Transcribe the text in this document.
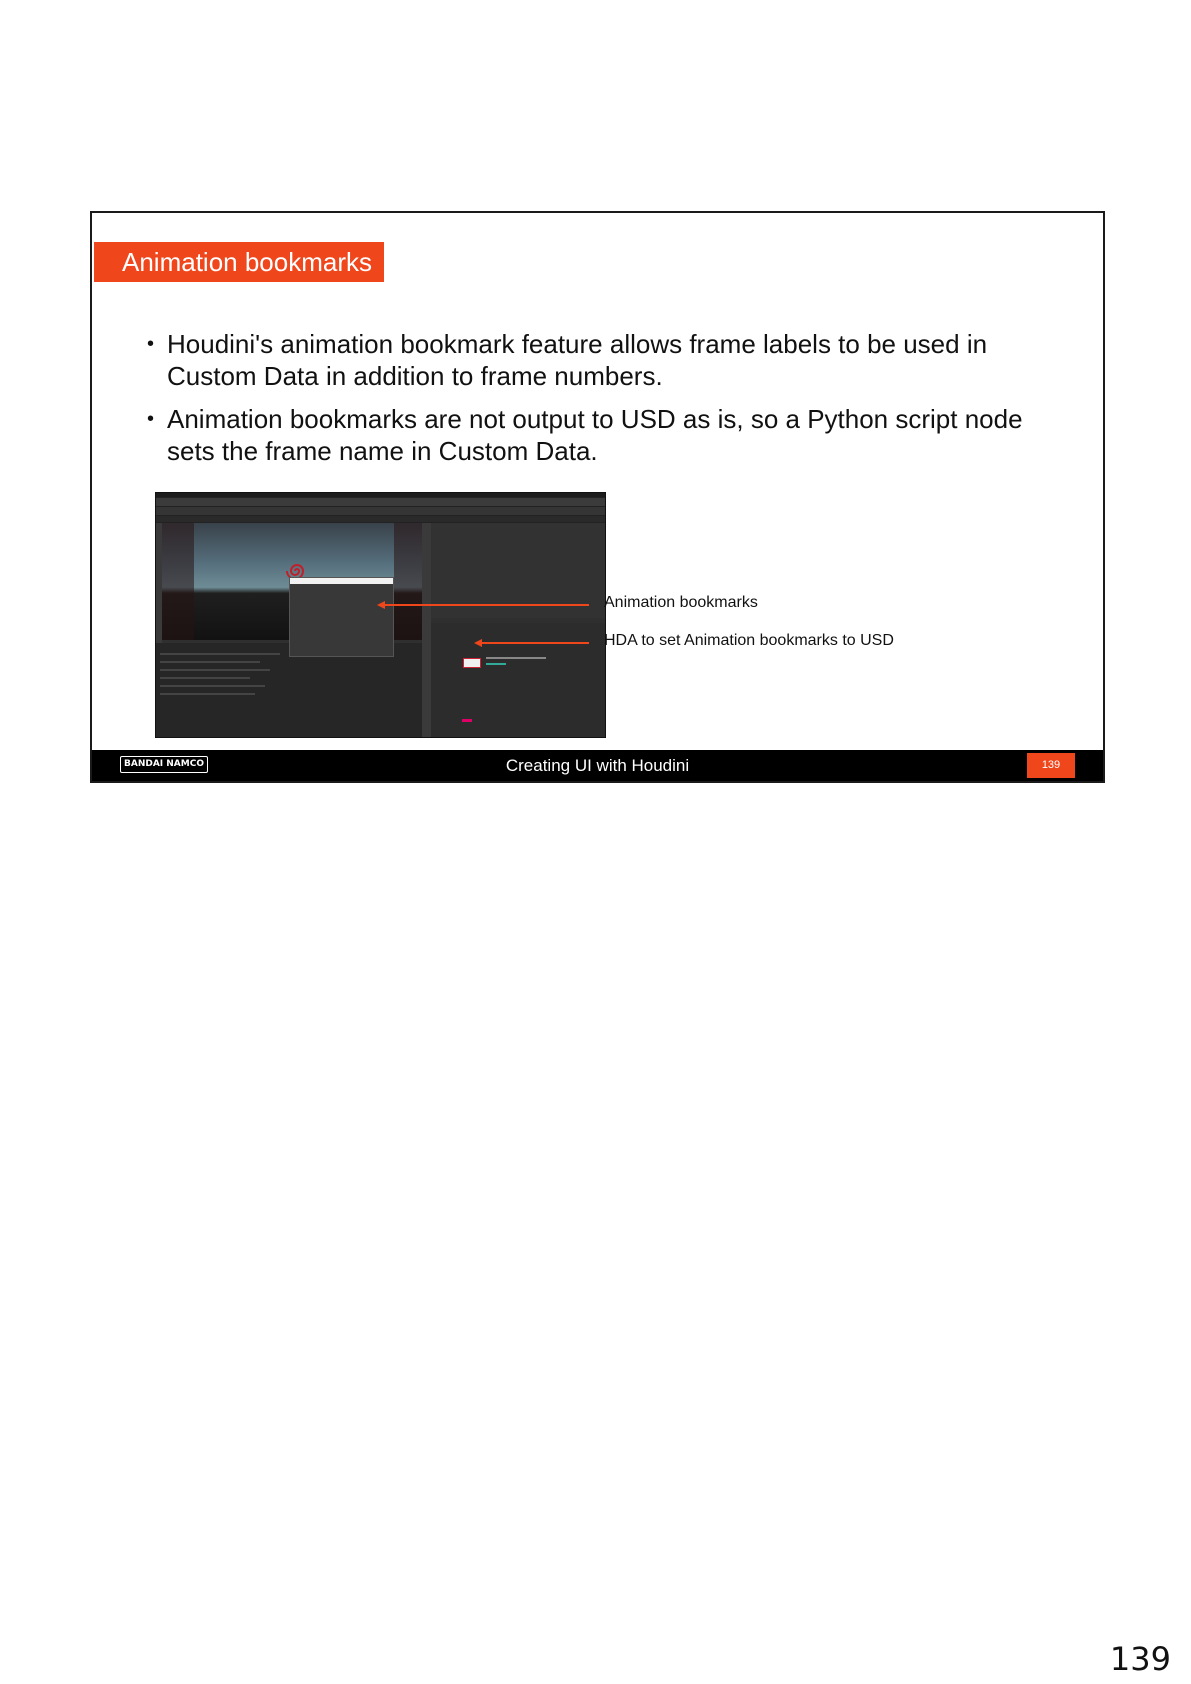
Animation bookmarks
• Houdini's animation bookmark feature allows frame labels to be used in Custom Data in addition to frame numbers.
• Animation bookmarks are not output to USD as is, so a Python script node sets the frame name in Custom Data.
Animation bookmarks
HDA to set Animation bookmarks to USD
BANDAI NAMCO	Creating UI with Houdini	139
139
